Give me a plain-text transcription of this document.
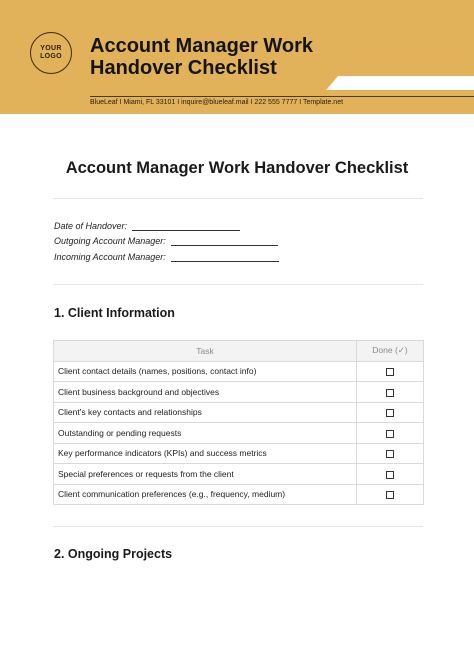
YOUR
LOGO Account Manager Work Handover Checklist
BlueLeaf I Miami, FL 33101 I inquire@blueleaf.mail I 222 555 7777 I Template.net
Account Manager Work Handover Checklist
Date of Handover:
Outgoing Account Manager:
Incoming Account Manager:
1. Client Information
Task	Done (✓)
Client contact details (names, positions, contact info)	
Client business background and objectives	
Client's key contacts and relationships	
Outstanding or pending requests	
Key performance indicators (KPIs) and success metrics	
Special preferences or requests from the client	
Client communication preferences (e.g., frequency, medium)	
2. Ongoing Projects
